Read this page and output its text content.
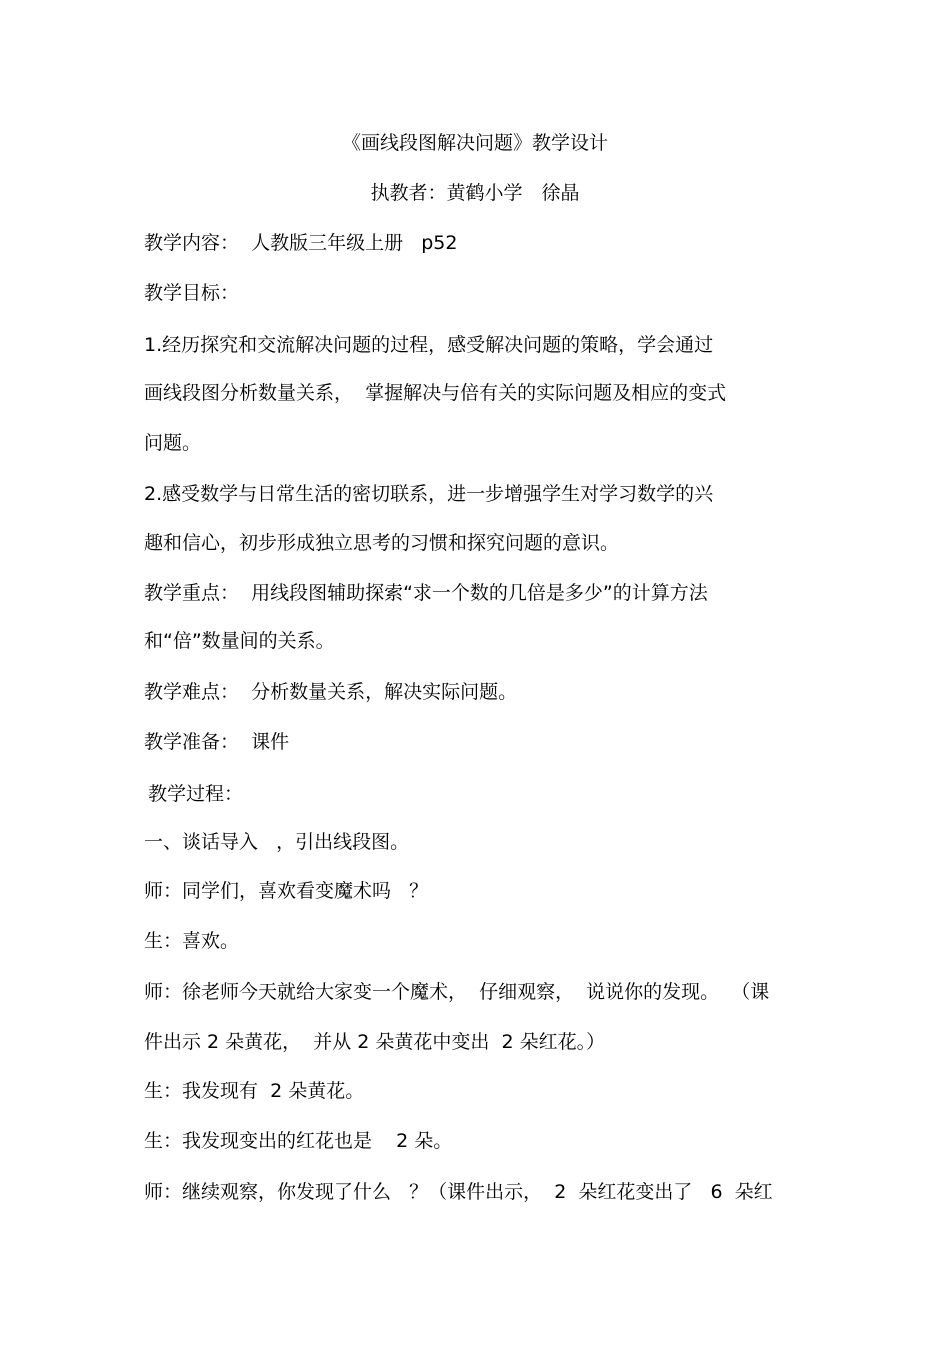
《画线段图解决问题》教学设计
执教者：黄鹤小学　徐晶
教学内容：  人教版三年级上册   p52
教学目标：
1.经历探究和交流解决问题的过程，感受解决问题的策略，学会通过
画线段图分析数量关系，  掌握解决与倍有关的实际问题及相应的变式
问题。
2.感受数学与日常生活的密切联系，进一步增强学生对学习数学的兴
趣和信心，初步形成独立思考的习惯和探究问题的意识。
教学重点：  用线段图辅助探索“求一个数的几倍是多少”的计算方法
和“倍”数量间的关系。
教学难点：  分析数量关系，解决实际问题。
教学准备：  课件
教学过程：
一、谈话导入   ，引出线段图。
师：同学们，喜欢看变魔术吗   ？
生：喜欢。
师：徐老师今天就给大家变一个魔术，  仔细观察，  说说你的发现。  （课
件出示 2 朵黄花，  并从 2 朵黄花中变出  2 朵红花。）
生：我发现有  2 朵黄花。
生：我发现变出的红花也是    2 朵。
师：继续观察，你发现了什么   ？（课件出示，  2  朵红花变出了   6  朵红
